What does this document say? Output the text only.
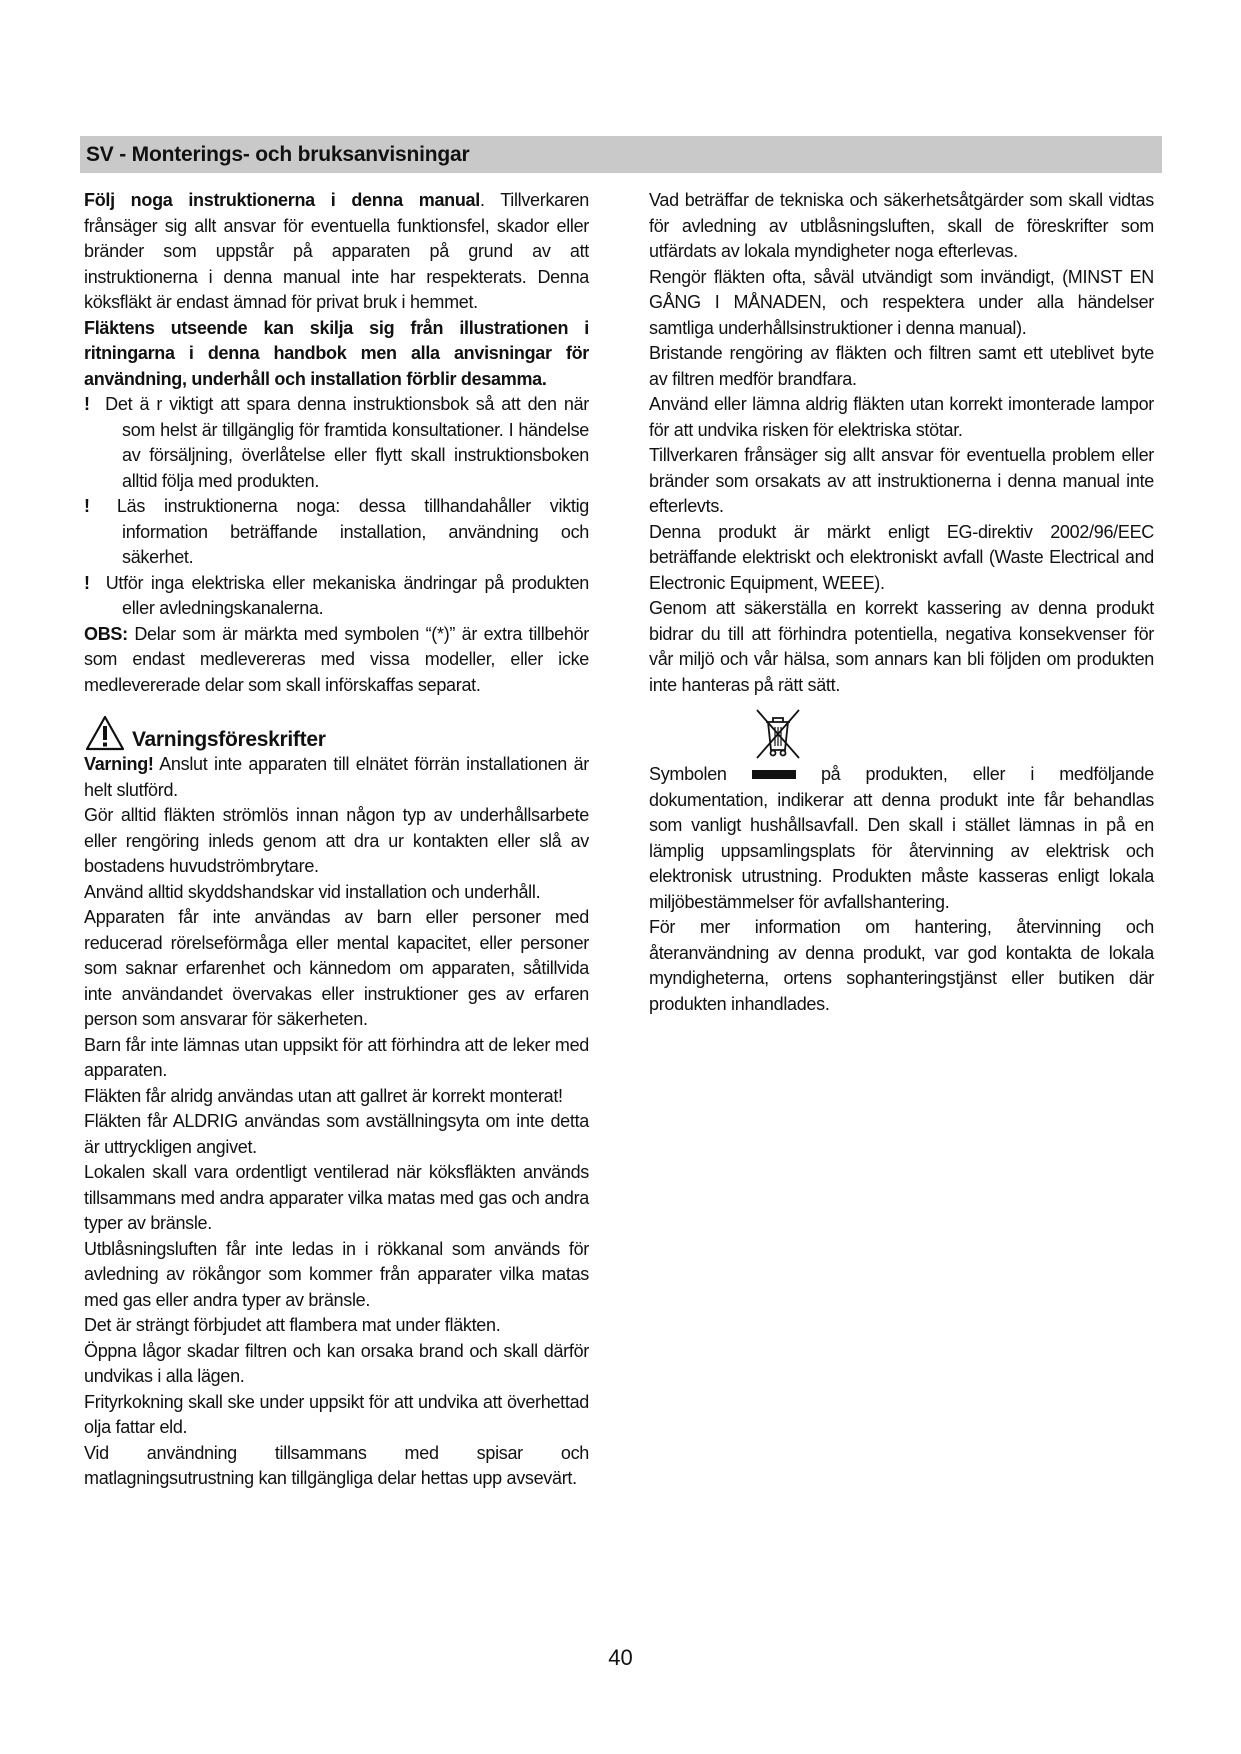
SV - Monterings- och bruksanvisningar

Följ noga instruktionerna i denna manual. Tillverkaren frånsäger sig allt ansvar för eventuella funktionsfel, skador eller bränder som uppstår på apparaten på grund av att instruktionerna i denna manual inte har respekterats. Denna köksfläkt är endast ämnad för privat bruk i hemmet.

Fläktens utseende kan skilja sig från illustrationen i ritningarna i denna handbok men alla anvisningar för användning, underhåll och installation förblir desamma.

! Det ä r viktigt att spara denna instruktionsbok så att den när som helst är tillgänglig för framtida konsultationer. I händelse av försäljning, överlåtelse eller flytt skall instruktionsboken alltid följa med produkten.

! Läs instruktionerna noga: dessa tillhandahåller viktig information beträffande installation, användning och säkerhet.

! Utför inga elektriska eller mekaniska ändringar på produkten eller avledningskanalerna.

OBS: Delar som är märkta med symbolen “(*)” är extra tillbehör som endast medlevereras med vissa modeller, eller icke medlevererade delar som skall införskaffas separat.

Varningsföreskrifter

Varning! Anslut inte apparaten till elnätet förrän installationen är helt slutförd.

Gör alltid fläkten strömlös innan någon typ av underhållsarbete eller rengöring inleds genom att dra ur kontakten eller slå av bostadens huvudströmbrytare.

Använd alltid skyddshandskar vid installation och underhåll.

Apparaten får inte användas av barn eller personer med reducerad rörelseförmåga eller mental kapacitet, eller personer som saknar erfarenhet och kännedom om apparaten, såtillvida inte användandet övervakas eller instruktioner ges av erfaren person som ansvarar för säkerheten.

Barn får inte lämnas utan uppsikt för att förhindra att de leker med apparaten.

Fläkten får alridg användas utan att gallret är korrekt monterat!

Fläkten får ALDRIG användas som avställningsyta om inte detta är uttryckligen angivet.

Lokalen skall vara ordentligt ventilerad när köksfläkten används tillsammans med andra apparater vilka matas med gas och andra typer av bränsle.

Utblåsningsluften får inte ledas in i rökkanal som används för avledning av rökångor som kommer från apparater vilka matas med gas eller andra typer av bränsle.

Det är strängt förbjudet att flambera mat under fläkten.

Öppna lågor skadar filtren och kan orsaka brand och skall därför undvikas i alla lägen.

Frityrkokning skall ske under uppsikt för att undvika att överhettad olja fattar eld.

Vid användning tillsammans med spisar och matlagningsutrustning kan tillgängliga delar hettas upp avsevärt.

Vad beträffar de tekniska och säkerhetsåtgärder som skall vidtas för avledning av utblåsningsluften, skall de föreskrifter som utfärdats av lokala myndigheter noga efterlevas.

Rengör fläkten ofta, såväl utvändigt som invändigt, (MINST EN GÅNG I MÅNADEN, och respektera under alla händelser samtliga underhållsinstruktioner i denna manual).

Bristande rengöring av fläkten och filtren samt ett uteblivet byte av filtren medför brandfara.

Använd eller lämna aldrig fläkten utan korrekt imonterade lampor för att undvika risken för elektriska stötar.

Tillverkaren frånsäger sig allt ansvar för eventuella problem eller bränder som orsakats av att instruktionerna i denna manual inte efterlevts.

Denna produkt är märkt enligt EG-direktiv 2002/96/EEC beträffande elektriskt och elektroniskt avfall (Waste Electrical and Electronic Equipment, WEEE).

Genom att säkerställa en korrekt kassering av denna produkt bidrar du till att förhindra potentiella, negativa konsekvenser för vår miljö och vår hälsa, som annars kan bli följden om produkten inte hanteras på rätt sätt.

Symbolen	på produkten, eller i medföljande

dokumentation, indikerar att denna produkt inte får behandlas som vanligt hushållsavfall. Den skall i stället lämnas in på en lämplig uppsamlingsplats för återvinning av elektrisk och elektronisk utrustning. Produkten måste kasseras enligt lokala miljöbestämmelser för avfallshantering.

För mer information om hantering, återvinning och återanvändning av denna produkt, var god kontakta de lokala myndigheterna, ortens sophanteringstjänst eller butiken där produkten inhandlades.

40
